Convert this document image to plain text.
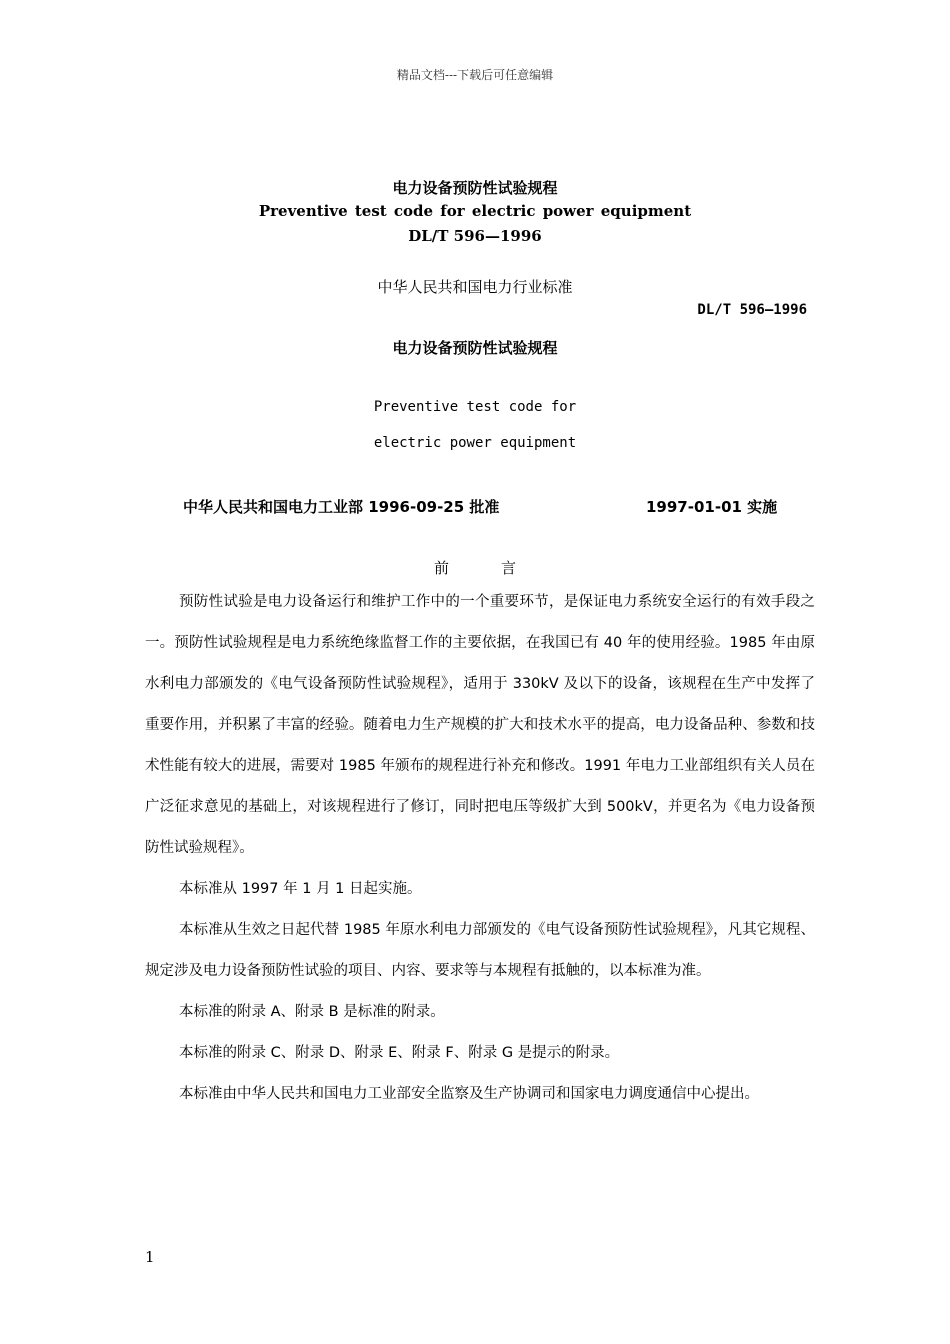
精品文档---下载后可任意编辑
电力设备预防性试验规程
Preventive test code for electric power equipment
DL/T 596—1996
中华人民共和国电力行业标准
DL/T 596—1996
电力设备预防性试验规程
Preventive test code for
electric power equipment
中华人民共和国电力工业部 1996-09-25 批准	1997-01-01 实施
前言

预防性试验是电力设备运行和维护工作中的一个重要环节，是保证电力系统安全运行的有效手段之一。预防性试验规程是电力系统绝缘监督工作的主要依据，在我国已有 40 年的使用经验。1985 年由原水利电力部颁发的《电气设备预防性试验规程》，适用于 330kV 及以下的设备，该规程在生产中发挥了重要作用，并积累了丰富的经验。随着电力生产规模的扩大和技术水平的提高，电力设备品种、参数和技术性能有较大的进展，需要对 1985 年颁布的规程进行补充和修改。1991 年电力工业部组织有关人员在广泛征求意见的基础上，对该规程进行了修订，同时把电压等级扩大到 500kV，并更名为《电力设备预防性试验规程》。

本标准从 1997 年 1 月 1 日起实施。

本标准从生效之日起代替 1985 年原水利电力部颁发的《电气设备预防性试验规程》，凡其它规程、规定涉及电力设备预防性试验的项目、内容、要求等与本规程有抵触的，以本标准为准。

本标准的附录 A、附录 B 是标准的附录。

本标准的附录 C、附录 D、附录 E、附录 F、附录 G 是提示的附录。

本标准由中华人民共和国电力工业部安全监察及生产协调司和国家电力调度通信中心提出。

1
